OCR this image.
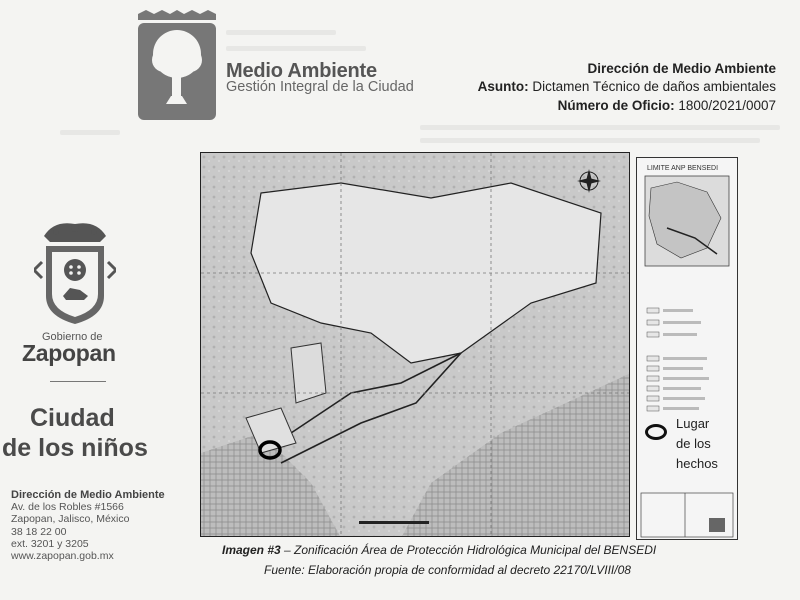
Medio Ambiente
Gestión Integral de la Ciudad
Dirección de Medio Ambiente
Asunto: Dictamen Técnico de daños ambientales
Número de Oficio: 1800/2021/0007
Gobierno de
Zapopan
Ciudad
de los niños
Dirección de Medio Ambiente
Av. de los Robles #1566
Zapopan, Jalisco, México
38 18 22 00
ext. 3201 y 3205
www.zapopan.gob.mx
LIMITE ANP BENSEDI
Lugar
de los
hechos
Imagen #3 – Zonificación Área de Protección Hidrológica Municipal del BENSEDI
Fuente: Elaboración propia de conformidad al decreto 22170/LVIII/08
